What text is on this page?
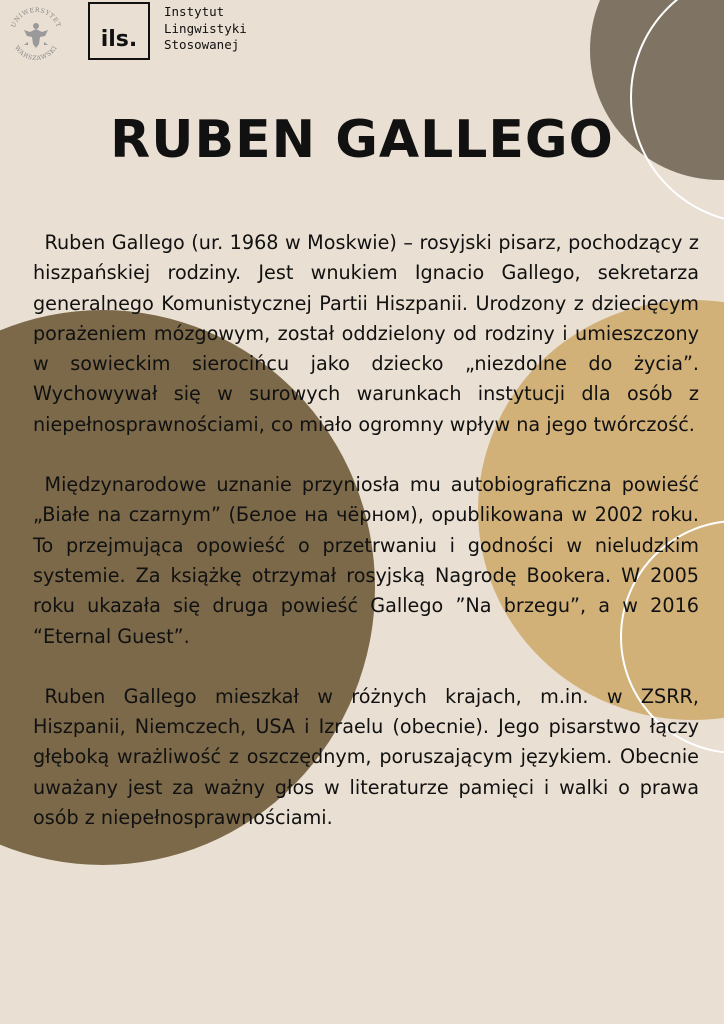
UNIWERSYTET
WARSZAWSKI	ils.
Instytut
Lingwistyki
Stosowanej
RUBEN GALLEGO

Ruben Gallego (ur. 1968 w Moskwie) – rosyjski pisarz, pochodzący z hiszpańskiej rodziny. Jest wnukiem Ignacio Gallego, sekretarza generalnego Komunistycznej Partii Hiszpanii. Urodzony z dziecięcym porażeniem mózgowym, został oddzielony od rodziny i umieszczony w sowieckim sierocińcu jako dziecko „niezdolne do życia”. Wychowywał się w surowych warunkach instytucji dla osób z niepełnosprawnościami, co miało ogromny wpływ na jego twórczość.

Międzynarodowe uznanie przyniosła mu autobiograficzna powieść „Białe na czarnym” (Белое на чёрном), opublikowana w 2002 roku. To przejmująca opowieść o przetrwaniu i godności w nieludzkim systemie. Za książkę otrzymał rosyjską Nagrodę Bookera. W 2005 roku ukazała się druga powieść Gallego ”Na brzegu”, a w 2016 “Eternal Guest”.

Ruben Gallego mieszkał w różnych krajach, m.in. w ZSRR, Hiszpanii, Niemczech, USA i Izraelu (obecnie). Jego pisarstwo łączy głęboką wrażliwość z oszczędnym, poruszającym językiem. Obecnie uważany jest za ważny głos w literaturze pamięci i walki o prawa osób z niepełnosprawnościami.
